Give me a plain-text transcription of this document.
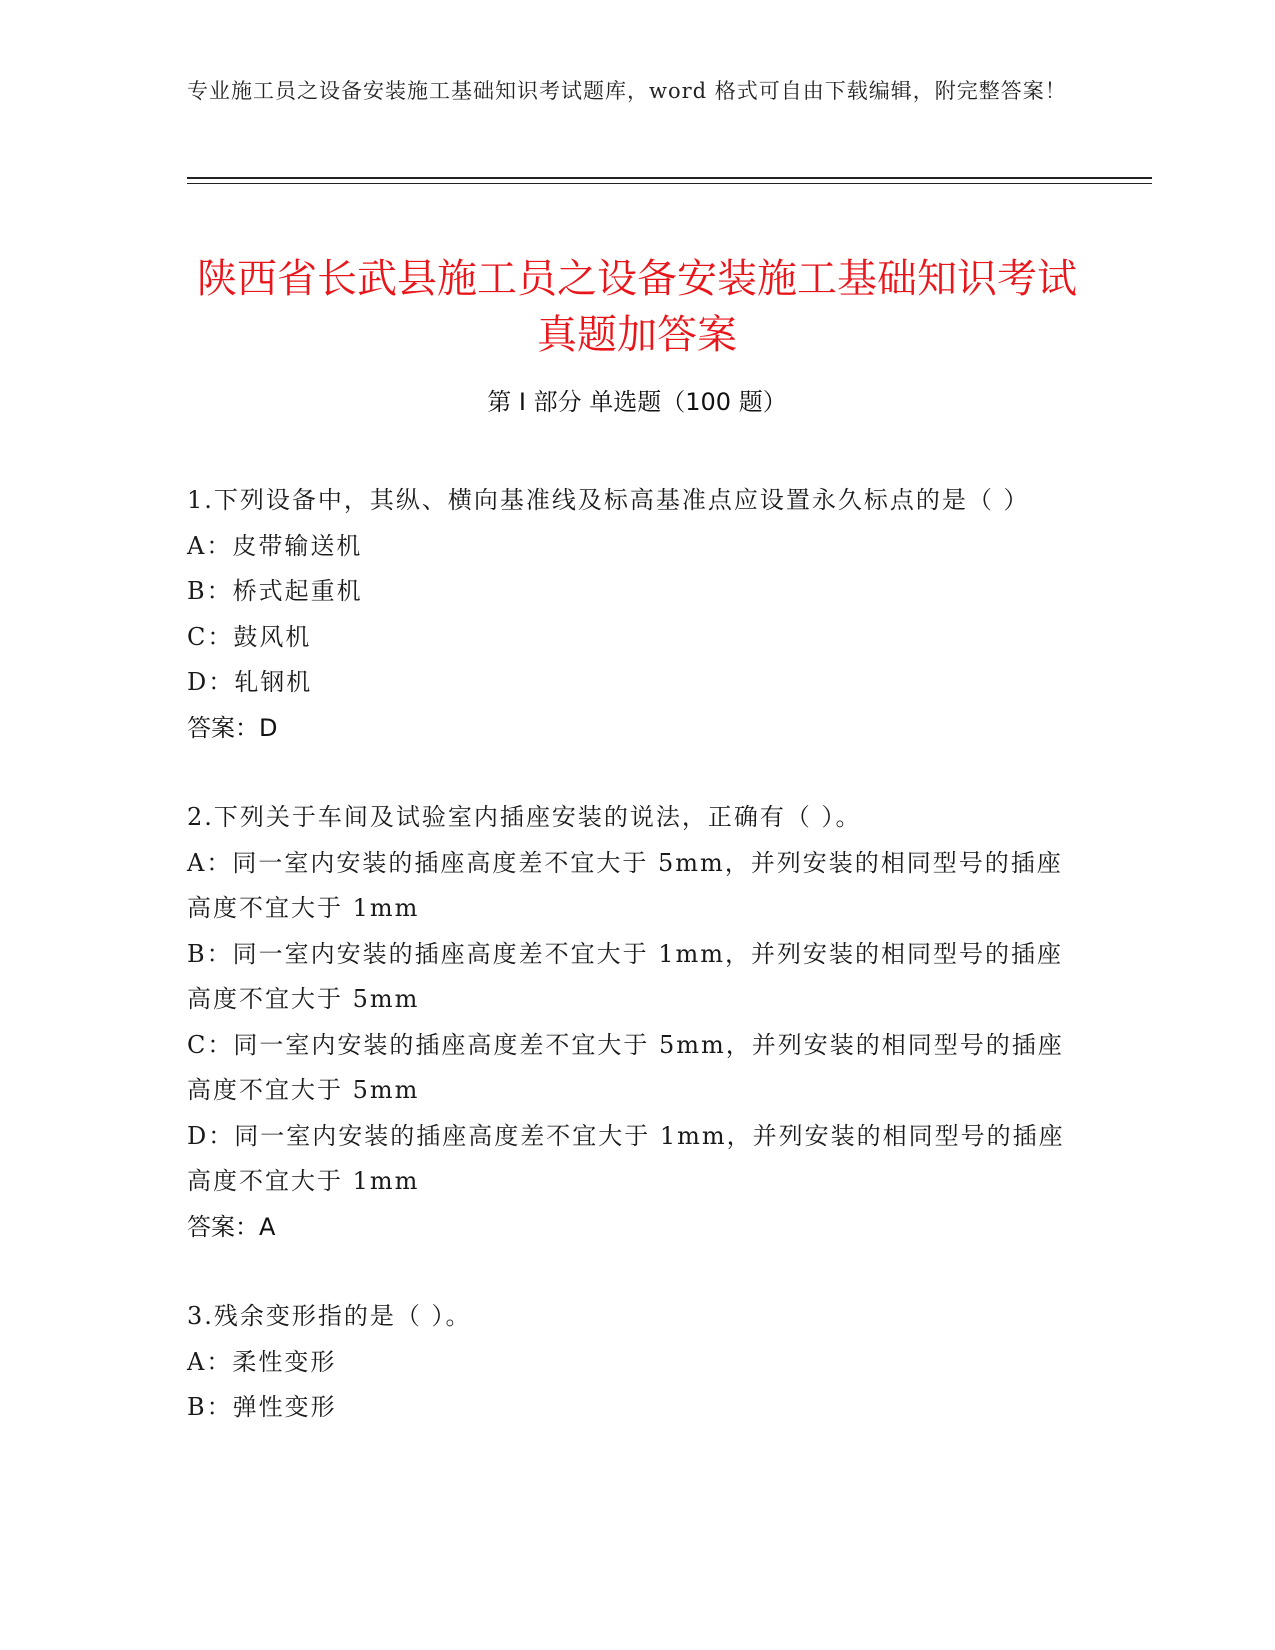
专业施工员之设备安装施工基础知识考试题库，word 格式可自由下载编辑，附完整答案！
陕西省长武县施工员之设备安装施工基础知识考试真题加答案
第 I 部分 单选题（100 题）
1.下列设备中，其纵、横向基准线及标高基准点应设置永久标点的是（ ）
A：皮带输送机
B：桥式起重机
C：鼓风机
D：轧钢机
答案：D
2.下列关于车间及试验室内插座安装的说法，正确有（ ）。
A：同一室内安装的插座高度差不宜大于 5mm，并列安装的相同型号的插座高度不宜大于 1mm
B：同一室内安装的插座高度差不宜大于 1mm，并列安装的相同型号的插座高度不宜大于 5mm
C：同一室内安装的插座高度差不宜大于 5mm，并列安装的相同型号的插座高度不宜大于 5mm
D：同一室内安装的插座高度差不宜大于 1mm，并列安装的相同型号的插座高度不宜大于 1mm
答案：A
3.残余变形指的是（ ）。
A：柔性变形
B：弹性变形
